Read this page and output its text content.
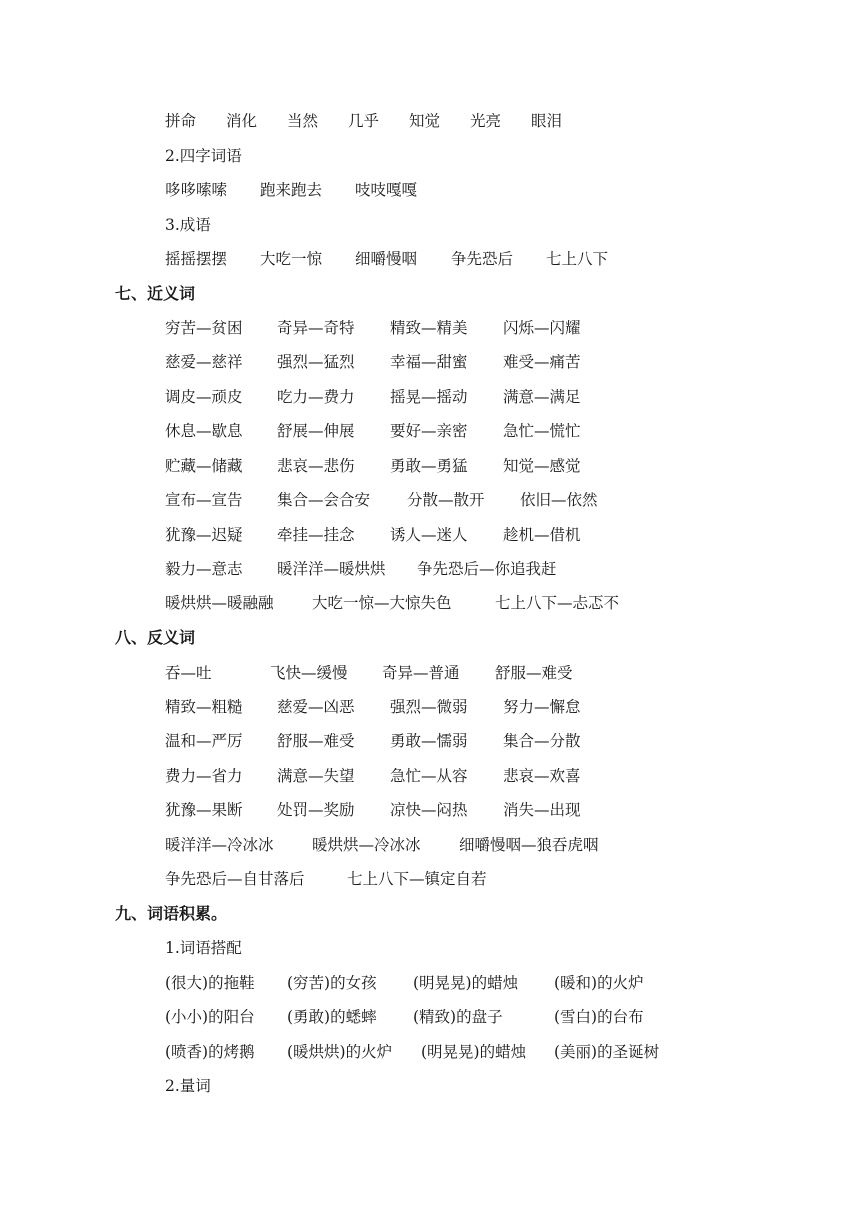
拼命 消化 当然 几乎 知觉 光亮 眼泪
2.四字词语
哆哆嗦嗦 跑来跑去 吱吱嘎嘎
3.成语
摇摇摆摆 大吃一惊 细嚼慢咽 争先恐后 七上八下
七、近义词
穷苦—贫困 奇异—奇特 精致—精美 闪烁—闪耀
慈爱—慈祥 强烈—猛烈 幸福—甜蜜 难受—痛苦
调皮—顽皮 吃力—费力 摇晃—摇动 满意—满足
休息—歇息 舒展—伸展 要好—亲密 急忙—慌忙
贮藏—储藏 悲哀—悲伤 勇敢—勇猛 知觉—感觉
宣布—宣告 集合—会合安 分散—散开 依旧—依然
犹豫—迟疑 牵挂—挂念 诱人—迷人 趁机—借机
毅力—意志 暖洋洋—暖烘烘 争先恐后—你追我赶
暖烘烘—暖融融 大吃一惊—大惊失色	七上八下—忐忑不
八、反义词
吞—吐	飞快—缓慢 奇异—普通 舒服—难受
精致—粗糙 慈爱—凶恶 强烈—微弱 努力—懈怠
温和—严厉 舒服—难受 勇敢—懦弱 集合—分散
费力—省力 满意—失望 急忙—从容 悲哀—欢喜
犹豫—果断 处罚—奖励 凉快—闷热 消失—出现
暖洋洋—冷冰冰 暖烘烘—冷冰冰 细嚼慢咽—狼吞虎咽
争先恐后—自甘落后	七上八下—镇定自若
九、词语积累。
1.词语搭配
(很大)的拖鞋 (穷苦)的女孩 (明晃晃)的蜡烛 (暖和)的火炉
(小小)的阳台 (勇敢)的蟋蟀 (精致)的盘子	(雪白)的台布
(喷香)的烤鹅 (暖烘烘)的火炉 (明晃晃)的蜡烛 (美丽)的圣诞树
2.量词
